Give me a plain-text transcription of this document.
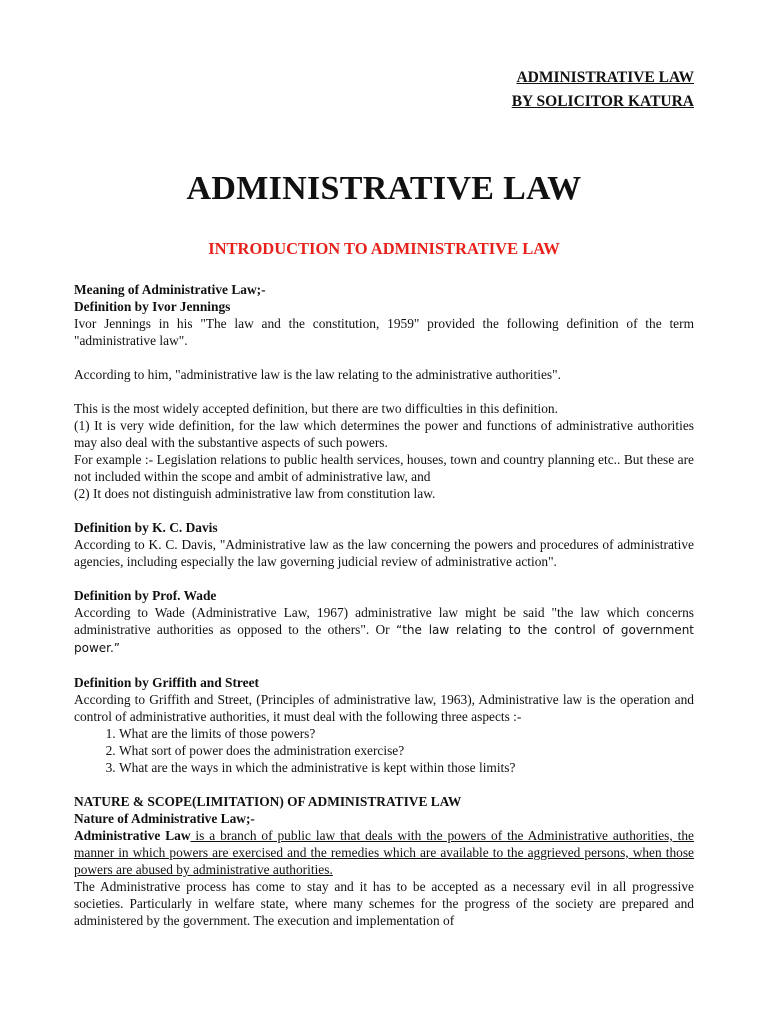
ADMINISTRATIVE LAW
BY SOLICITOR KATURA
ADMINISTRATIVE LAW
INTRODUCTION TO ADMINISTRATIVE LAW

Meaning of Administrative Law;-

Definition by Ivor Jennings

Ivor Jennings in his "The law and the constitution, 1959" provided the following definition of the term "administrative law".

According to him, "administrative law is the law relating to the administrative authorities".

This is the most widely accepted definition, but there are two difficulties in this definition.

(1) It is very wide definition, for the law which determines the power and functions of administrative authorities may also deal with the substantive aspects of such powers.

For example :- Legislation relations to public health services, houses, town and country planning etc.. But these are not included within the scope and ambit of administrative law, and

(2) It does not distinguish administrative law from constitution law.

Definition by K. C. Davis

According to K. C. Davis, "Administrative law as the law concerning the powers and procedures of administrative agencies, including especially the law governing judicial review of administrative action".

Definition by Prof. Wade

According to Wade (Administrative Law, 1967) administrative law might be said "the law which concerns administrative authorities as opposed to the others". Or “the law relating to the control of government power.”

Definition by Griffith and Street

According to Griffith and Street, (Principles of administrative law, 1963), Administrative law is the operation and control of administrative authorities, it must deal with the following three aspects :-

1. What are the limits of those powers?
2. What sort of power does the administration exercise?
3. What are the ways in which the administrative is kept within those limits?

NATURE & SCOPE(LIMITATION) OF ADMINISTRATIVE LAW

Nature of Administrative Law;-

Administrative Law is a branch of public law that deals with the powers of the Administrative authorities, the manner in which powers are exercised and the remedies which are available to the aggrieved persons, when those powers are abused by administrative authorities.

The Administrative process has come to stay and it has to be accepted as a necessary evil in all progressive societies. Particularly in welfare state, where many schemes for the progress of the society are prepared and administered by the government. The execution and implementation of
